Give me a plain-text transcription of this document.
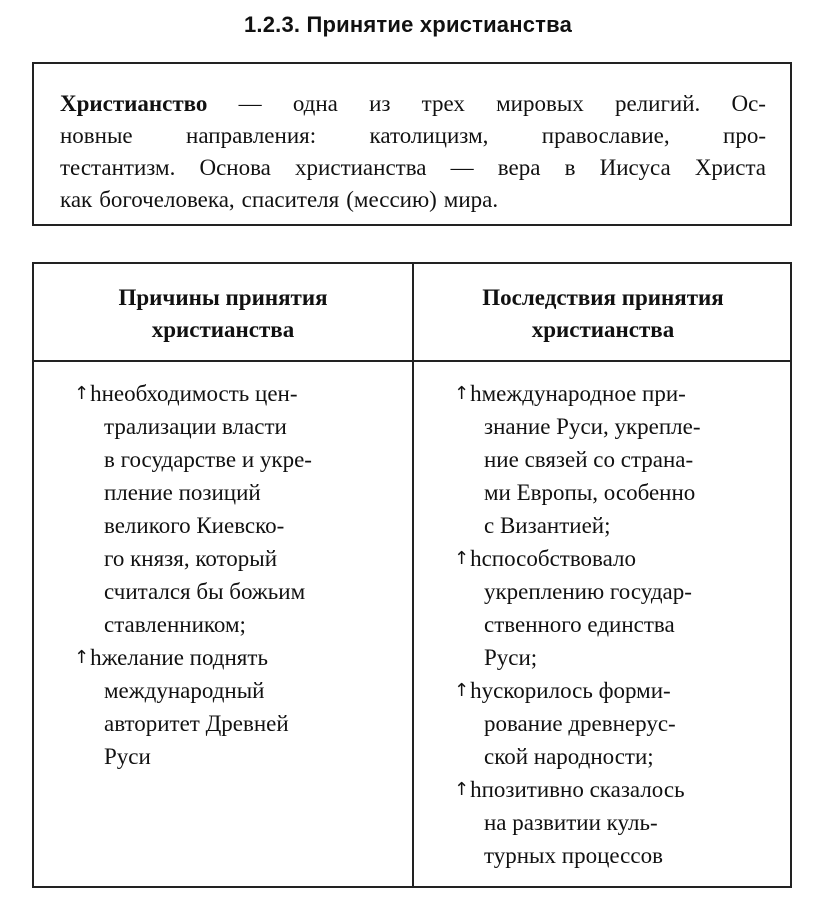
1.2.3. Принятие христианства
Христианство — одна из трех мировых религий. Ос-
новные направления: католицизм, православие, про-
тестантизм. Основа христианства — вера в Иисуса Христа
как богочеловека, спасителя (мессию) мира.
Причины принятия
христианства
Последствия принятия
христианства
↑hнеобходимость цен-
трализации власти
в государстве и укре-
пление позиций
великого Киевско-
го князя, который
считался бы божьим
ставленником;
↑hжелание поднять
международный
авторитет Древней
Руси
↑hмеждународное при-
знание Руси, укрепле-
ние связей со страна-
ми Европы, особенно
с Византией;
↑hспособствовало
укреплению государ-
ственного единства
Руси;
↑hускорилось форми-
рование древнерус-
ской народности;
↑hпозитивно сказалось
на развитии куль-
турных процессов
